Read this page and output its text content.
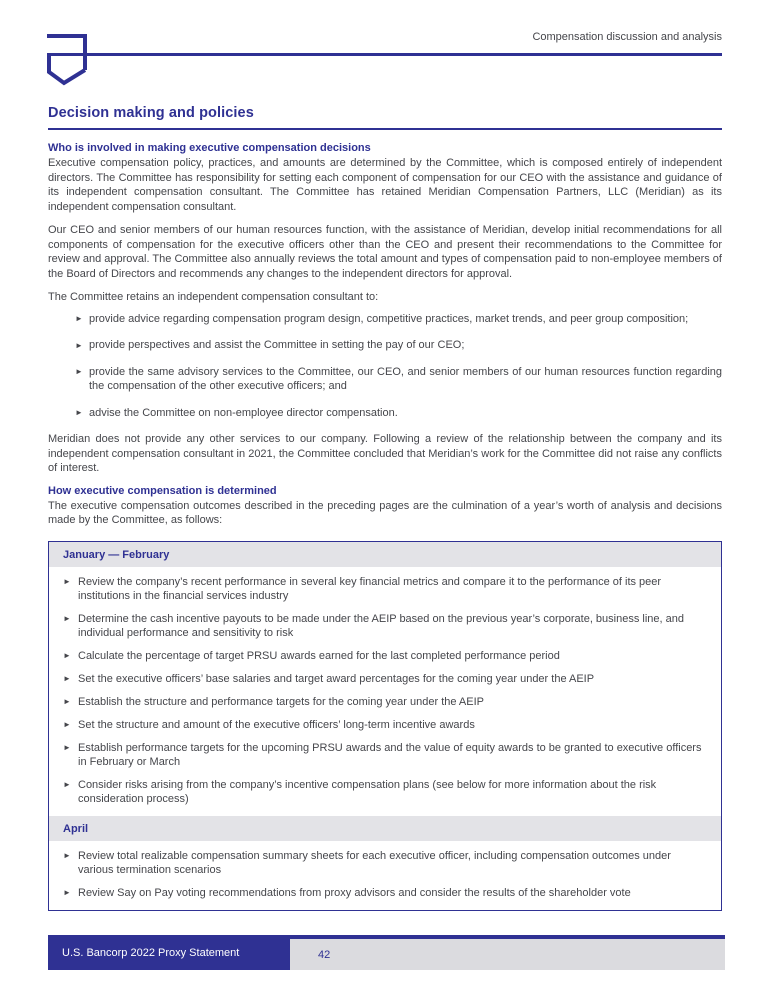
Compensation discussion and analysis
Decision making and policies
Who is involved in making executive compensation decisions

Executive compensation policy, practices, and amounts are determined by the Committee, which is composed entirely of independent directors. The Committee has responsibility for setting each component of compensation for our CEO with the assistance and guidance of its independent compensation consultant. The Committee has retained Meridian Compensation Partners, LLC (Meridian) as its independent compensation consultant.

Our CEO and senior members of our human resources function, with the assistance of Meridian, develop initial recommendations for all components of compensation for the executive officers other than the CEO and present their recommendations to the Committee for review and approval. The Committee also annually reviews the total amount and types of compensation paid to non-employee members of the Board of Directors and recommends any changes to the independent directors for approval.

The Committee retains an independent compensation consultant to:

► provide advice regarding compensation program design, competitive practices, market trends, and peer group composition;
► provide perspectives and assist the Committee in setting the pay of our CEO;
► provide the same advisory services to the Committee, our CEO, and senior members of our human resources function regarding the compensation of the other executive officers; and
► advise the Committee on non-employee director compensation.

Meridian does not provide any other services to our company. Following a review of the relationship between the company and its independent compensation consultant in 2021, the Committee concluded that Meridian’s work for the Committee did not raise any conflicts of interest.

How executive compensation is determined

The executive compensation outcomes described in the preceding pages are the culmination of a year’s worth of analysis and decisions made by the Committee, as follows:

January — February
► Review the company’s recent performance in several key financial metrics and compare it to the performance of its peer institutions in the financial services industry
► Determine the cash incentive payouts to be made under the AEIP based on the previous year’s corporate, business line, and individual performance and sensitivity to risk
► Calculate the percentage of target PRSU awards earned for the last completed performance period
► Set the executive officers’ base salaries and target award percentages for the coming year under the AEIP
► Establish the structure and performance targets for the coming year under the AEIP
► Set the structure and amount of the executive officers’ long-term incentive awards
► Establish performance targets for the upcoming PRSU awards and the value of equity awards to be granted to executive officers in February or March
► Consider risks arising from the company’s incentive compensation plans (see below for more information about the risk consideration process)
April
► Review total realizable compensation summary sheets for each executive officer, including compensation outcomes under various termination scenarios
► Review Say on Pay voting recommendations from proxy advisors and consider the results of the shareholder vote
U.S. Bancorp 2022 Proxy Statement	42
